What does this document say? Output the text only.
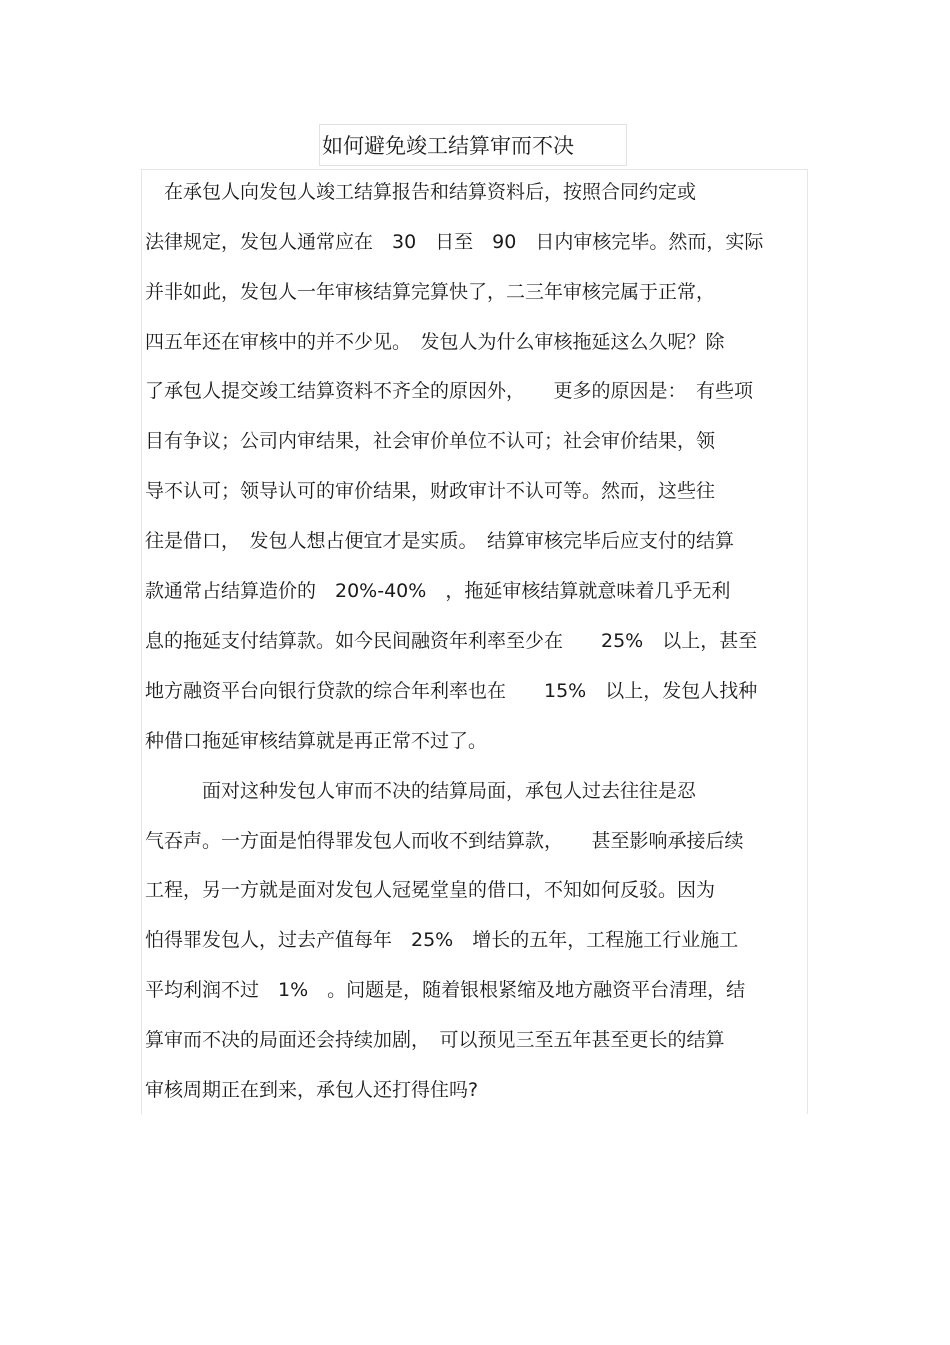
如何避免竣工结算审而不决
　在承包人向发包人竣工结算报告和结算资料后，按照合同约定或
法律规定，发包人通常应在　30　日至　90　日内审核完毕。然而，实际
并非如此，发包人一年审核结算完算快了，二三年审核完属于正常，
四五年还在审核中的并不少见。　发包人为什么审核拖延这么久呢？除
了承包人提交竣工结算资料不齐全的原因外，　　更多的原因是：　有些项
目有争议；公司内审结果，社会审价单位不认可；社会审价结果，领
导不认可；领导认可的审价结果，财政审计不认可等。然而，这些往
往是借口，　发包人想占便宜才是实质。　结算审核完毕后应支付的结算
款通常占结算造价的　20%-40%　，拖延审核结算就意味着几乎无利
息的拖延支付结算款。如今民间融资年利率至少在　　25%　以上，甚至
地方融资平台向银行贷款的综合年利率也在　　15%　以上，发包人找种
种借口拖延审核结算就是再正常不过了。
　　　面对这种发包人审而不决的结算局面，承包人过去往往是忍
气吞声。一方面是怕得罪发包人而收不到结算款，　　甚至影响承接后续
工程，另一方就是面对发包人冠冕堂皇的借口，不知如何反驳。因为
怕得罪发包人，过去产值每年　25%　增长的五年，工程施工行业施工
平均利润不过　1%　。问题是，随着银根紧缩及地方融资平台清理，结
算审而不决的局面还会持续加剧，　可以预见三至五年甚至更长的结算
审核周期正在到来，承包人还打得住吗?
